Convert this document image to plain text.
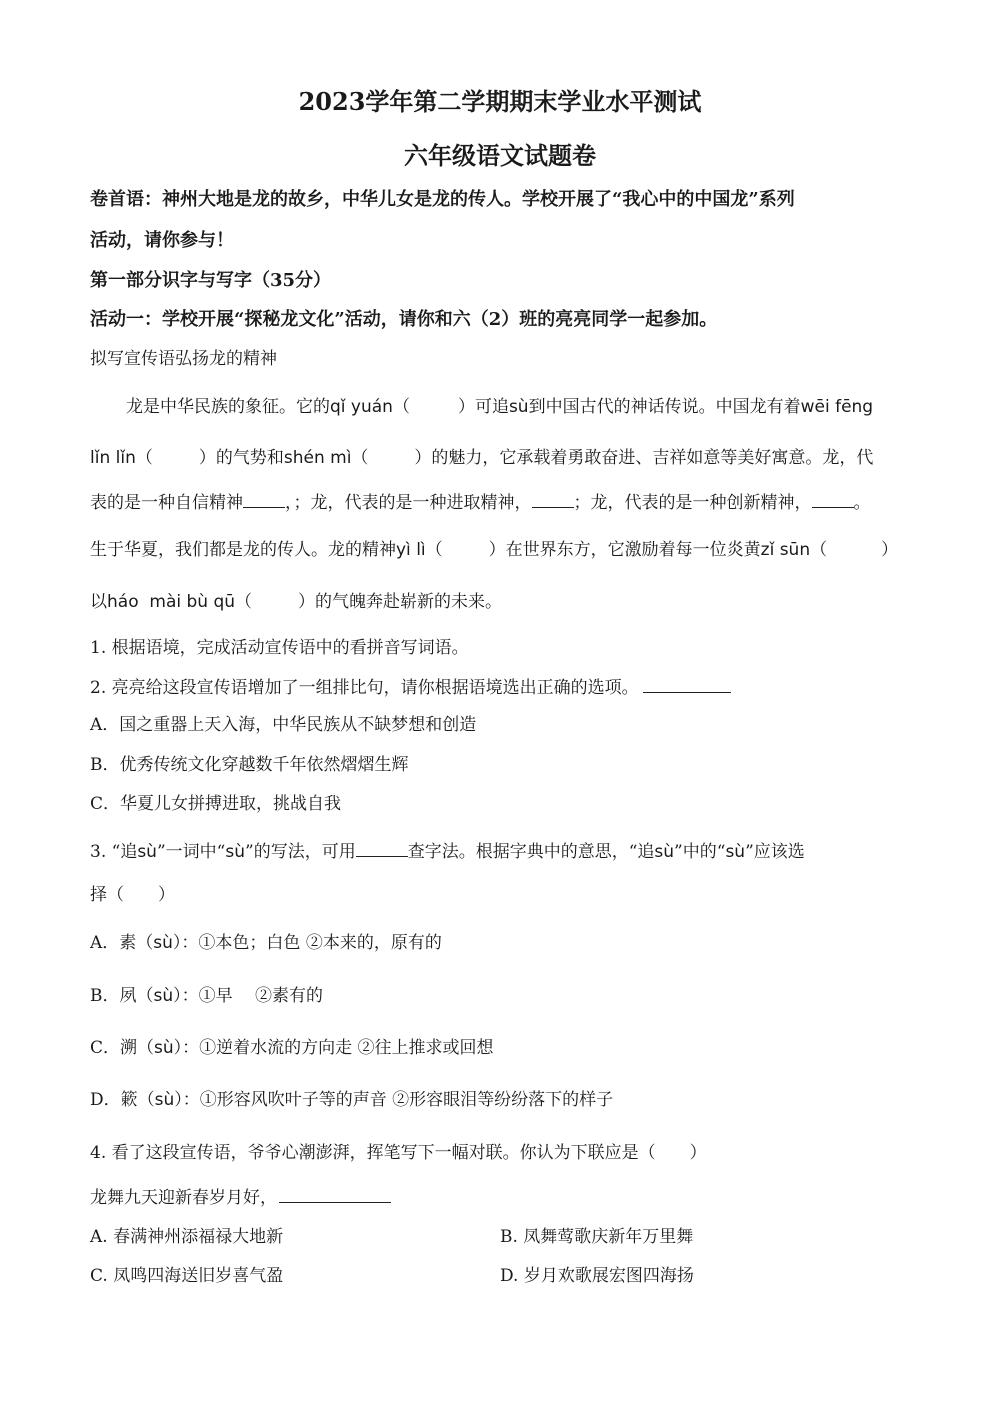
2023学年第二学期期末学业水平测试
六年级语文试题卷
卷首语：神州大地是龙的故乡，中华儿女是龙的传人。学校开展了“我心中的中国龙”系列
活动，请你参与！
第一部分识字与写字（35分）
活动一：学校开展“探秘龙文化”活动，请你和六（2）班的亮亮同学一起参加。
拟写宣传语弘扬龙的精神
龙是中华民族的象征。它的qǐ yuán（	）可追sù到中国古代的神话传说。中国龙有着wēi fēng
lǐn lǐn（	）的气势和shén mì（	）的魅力，它承载着勇敢奋进、吉祥如意等美好寓意。龙，代
表的是一种自信精神 ，；龙，代表的是一种进取精神， ；龙，代表的是一种创新精神， 。
生于华夏，我们都是龙的传人。龙的精神yì lì（	）在世界东方，它激励着每一位炎黄zǐ sūn（	）
以háo  mài bù qū（	）的气魄奔赴崭新的未来。
1. 根据语境，完成活动宣传语中的看拼音写词语。
2. 亮亮给这段宣传语增加了一组排比句，请你根据语境选出正确的选项。
A．国之重器上天入海，中华民族从不缺梦想和创造
B．优秀传统文化穿越数千年依然熠熠生辉
C．华夏儿女拼搏进取，挑战自我
3. “追sù”一词中“sù”的写法，可用	查字法。根据字典中的意思，“追sù”中的“sù”应该选
择（　　）
A．素（sù）：①本色；白色 ②本来的，原有的
B．夙（sù）：①早　 ②素有的
C．溯（sù）：①逆着水流的方向走 ②往上推求或回想
D．簌（sù）：①形容风吹叶子等的声音 ②形容眼泪等纷纷落下的样子
4. 看了这段宣传语，爷爷心潮澎湃，挥笔写下一幅对联。你认为下联应是（　　）
龙舞九天迎新春岁月好，
A. 春满神州添福禄大地新	B. 凤舞莺歌庆新年万里舞
C. 凤鸣四海送旧岁喜气盈	D. 岁月欢歌展宏图四海扬
